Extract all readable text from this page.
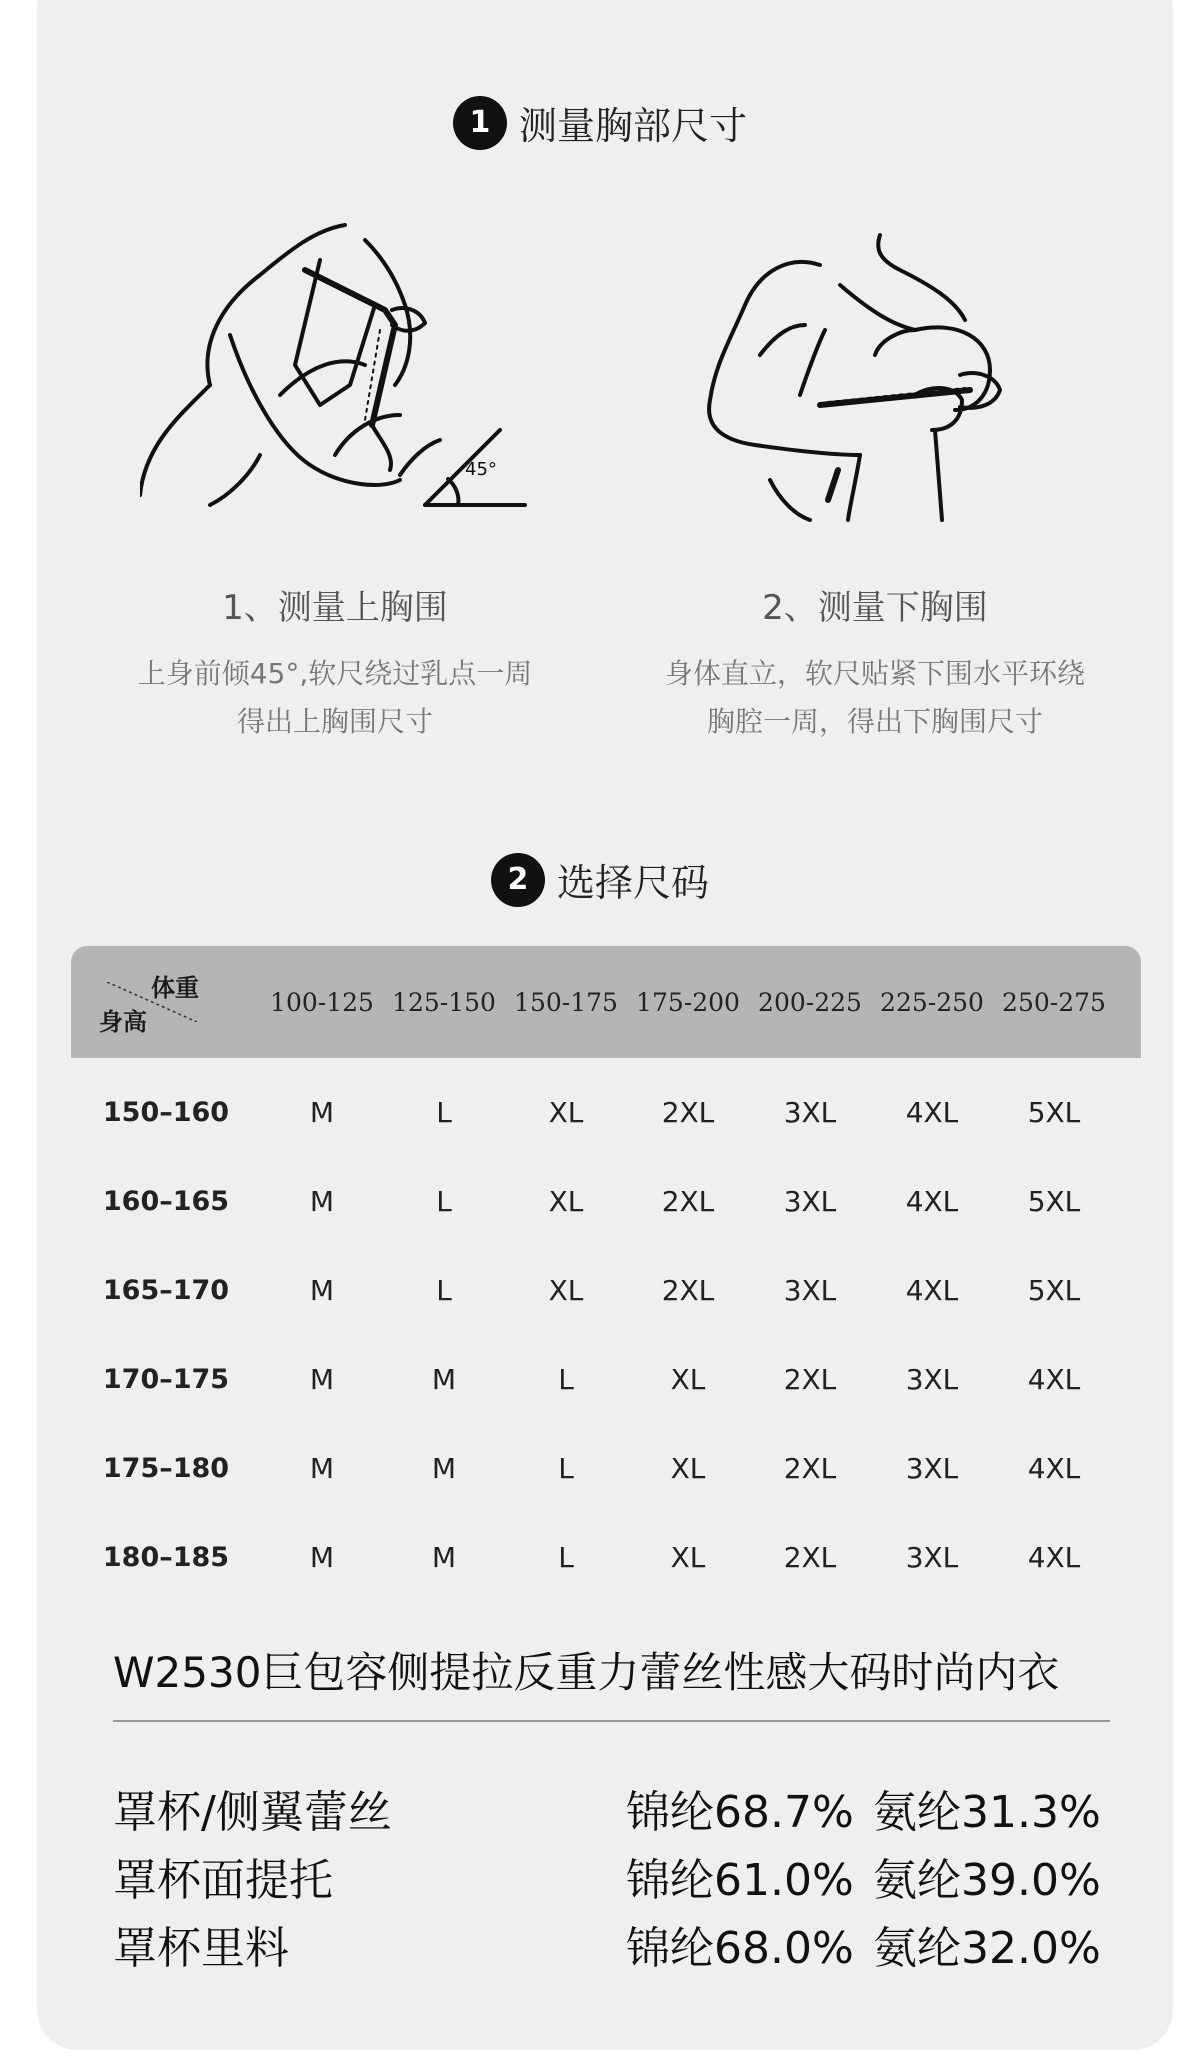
1 测量胸部尺寸
45°
1、测量上胸围
上身前倾45°,软尺绕过乳点一周
得出上胸围尺寸
2、测量下胸围
身体直立，软尺贴紧下围水平环绕
胸腔一周，得出下胸围尺寸
2 选择尺码
体重
身高
100-125 125-150 150-175 175-200 200-225 225-250 250-275
150–160	M	L	XL	2XL	3XL	4XL	5XL
160–165	M	L	XL	2XL	3XL	4XL	5XL
165–170	M	L	XL	2XL	3XL	4XL	5XL
170–175	M	M	L	XL	2XL	3XL	4XL
175–180	M	M	L	XL	2XL	3XL	4XL
180–185	M	M	L	XL	2XL	3XL	4XL
W2530巨包容侧提拉反重力蕾丝性感大码时尚内衣
罩杯/侧翼蕾丝	锦纶68.7% 氨纶31.3%
罩杯面提托	锦纶61.0% 氨纶39.0%
罩杯里料	锦纶68.0% 氨纶32.0%
